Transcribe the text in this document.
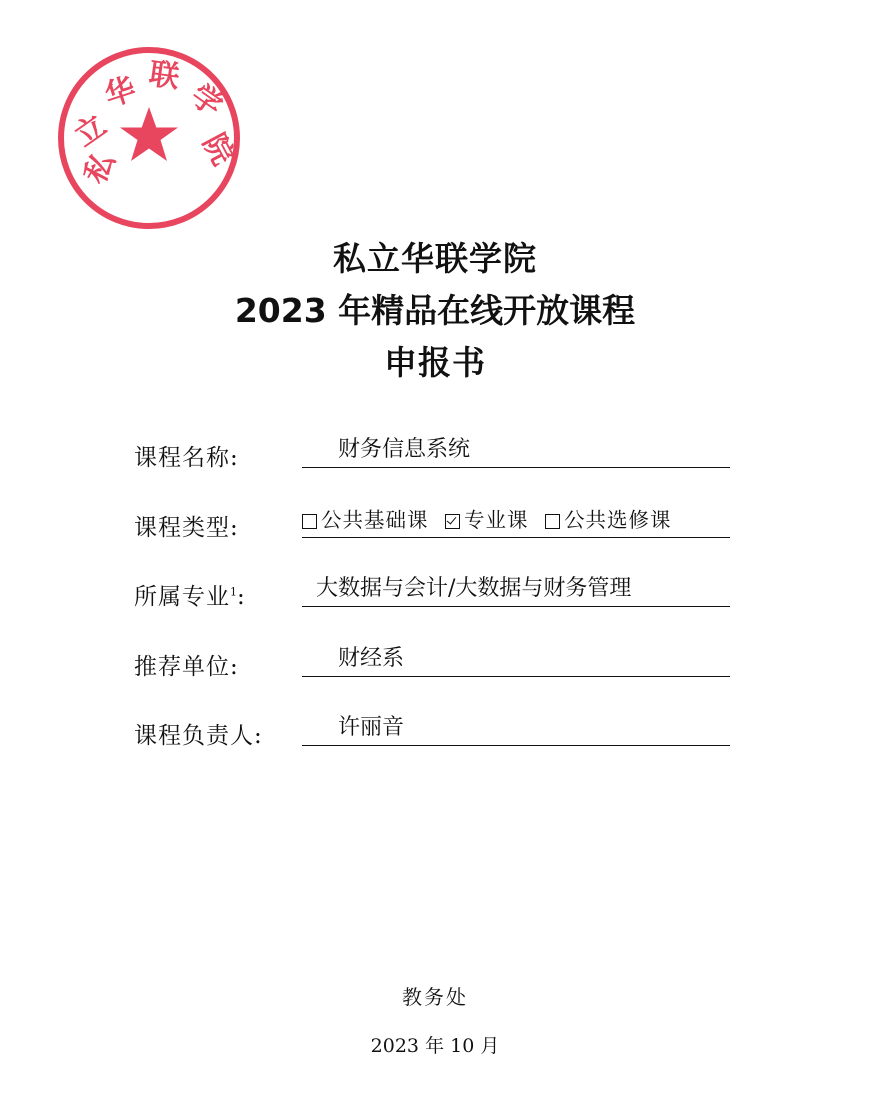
私
立
华 联
学
院
私立华联学院
2023 年精品在线开放课程
申报书
课程名称:	财务信息系统
课程类型:	公共基础课 专业课 公共选修课
所属专业$^1$:	大数据与会计/大数据与财务管理
推荐单位:	财经系
课程负责人:	许丽音
教务处
2023 年 10 月
